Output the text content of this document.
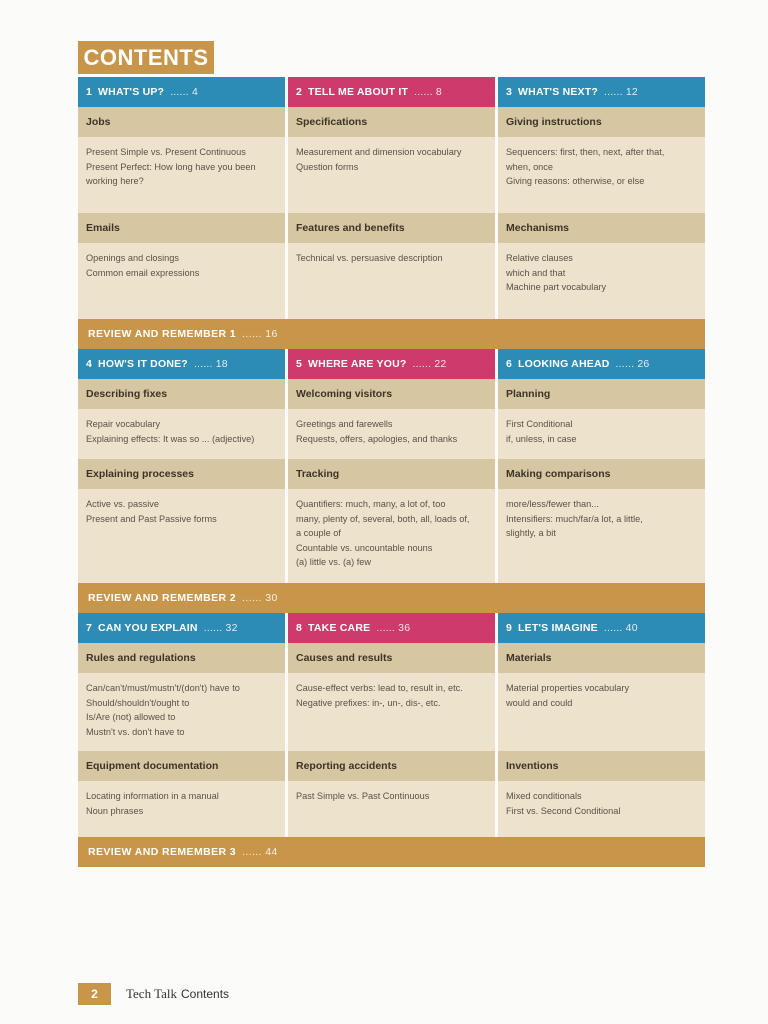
CONTENTS
1 WHAT'S UP? ...... 4
Jobs
Present Simple vs. Present Continuous
Present Perfect: How long have you been
working here?
Emails
Openings and closings
Common email expressions
2 TELL ME ABOUT IT ...... 8
Specifications
Measurement and dimension vocabulary
Question forms
Features and benefits
Technical vs. persuasive description
3 WHAT'S NEXT? ...... 12
Giving instructions
Sequencers: first, then, next, after that,
when, once
Giving reasons: otherwise, or else
Mechanisms
Relative clauses
which and that
Machine part vocabulary
REVIEW AND REMEMBER 1 ...... 16
4 HOW'S IT DONE? ...... 18
Describing fixes
Repair vocabulary
Explaining effects: It was so ... (adjective)
Explaining processes
Active vs. passive
Present and Past Passive forms
5 WHERE ARE YOU? ...... 22
Welcoming visitors
Greetings and farewells
Requests, offers, apologies, and thanks
Tracking
Quantifiers: much, many, a lot of, too
many, plenty of, several, both, all, loads of,
a couple of
Countable vs. uncountable nouns
(a) little vs. (a) few
6 LOOKING AHEAD ...... 26
Planning
First Conditional
if, unless, in case
Making comparisons
more/less/fewer than...
Intensifiers: much/far/a lot, a little,
slightly, a bit
REVIEW AND REMEMBER 2 ...... 30
7 CAN YOU EXPLAIN ...... 32
Rules and regulations
Can/can't/must/mustn't/(don't) have to
Should/shouldn't/ought to
Is/Are (not) allowed to
Mustn't vs. don't have to
Equipment documentation
Locating information in a manual
Noun phrases
8 TAKE CARE ...... 36
Causes and results
Cause-effect verbs: lead to, result in, etc.
Negative prefixes: in-, un-, dis-, etc.
Reporting accidents
Past Simple vs. Past Continuous
9 LET'S IMAGINE ...... 40
Materials
Material properties vocabulary
would and could
Inventions
Mixed conditionals
First vs. Second Conditional
REVIEW AND REMEMBER 3 ...... 44
2	Tech Talk Contents
